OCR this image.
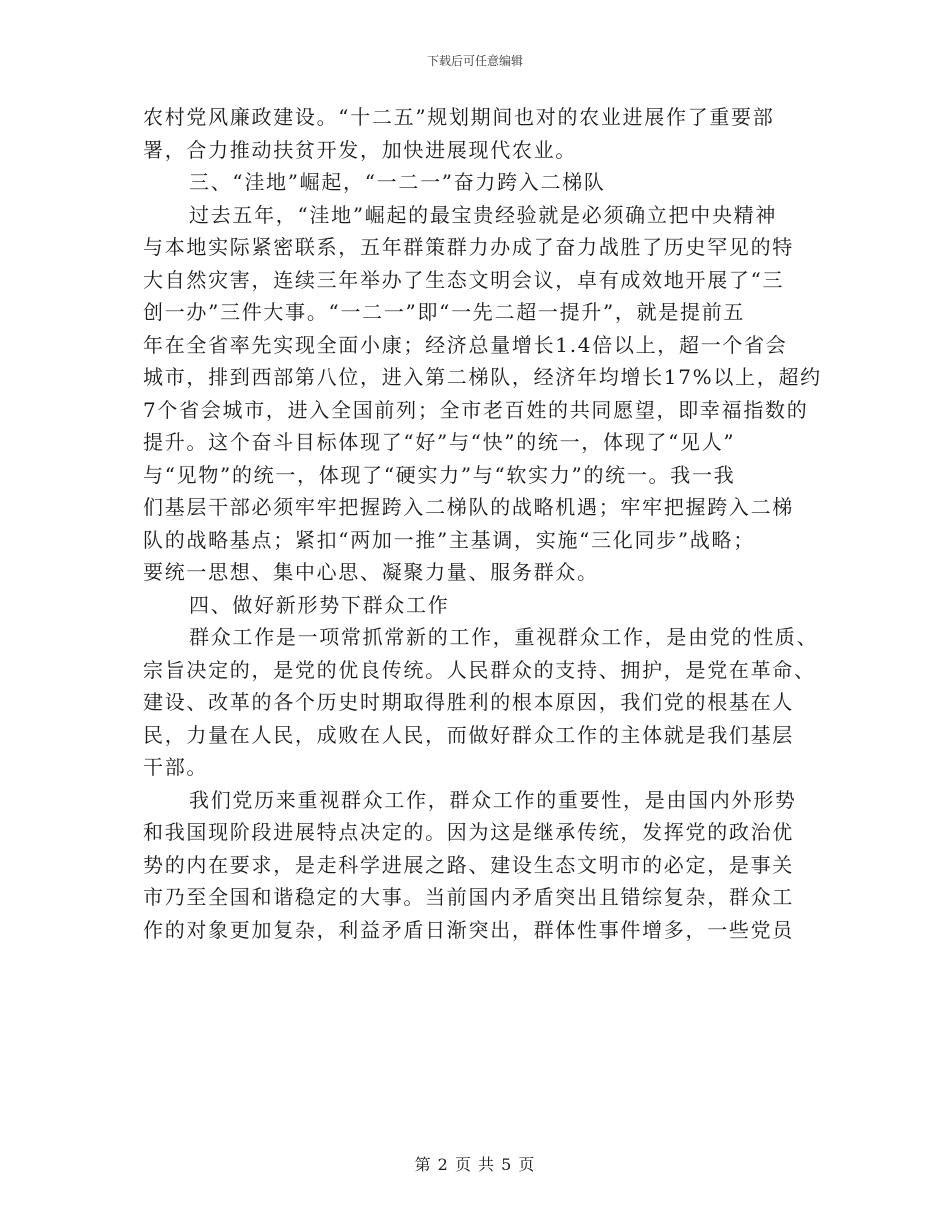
下载后可任意编辑
农村党风廉政建设。“十二五”规划期间也对的农业进展作了重要部
署，合力推动扶贫开发，加快进展现代农业。
三、“洼地”崛起，“一二一”奋力跨入二梯队
过去五年，“洼地”崛起的最宝贵经验就是必须确立把中央精神
与本地实际紧密联系，五年群策群力办成了奋力战胜了历史罕见的特
大自然灾害，连续三年举办了生态文明会议，卓有成效地开展了“三
创一办”三件大事。“一二一”即“一先二超一提升”，就是提前五
年在全省率先实现全面小康；经济总量增长1.4倍以上，超一个省会
城市，排到西部第八位，进入第二梯队，经济年均增长17%以上，超约
7个省会城市，进入全国前列；全市老百姓的共同愿望，即幸福指数的
提升。这个奋斗目标体现了“好”与“快”的统一，体现了“见人”
与“见物”的统一，体现了“硬实力”与“软实力”的统一。我一我
们基层干部必须牢牢把握跨入二梯队的战略机遇；牢牢把握跨入二梯
队的战略基点；紧扣“两加一推”主基调，实施“三化同步”战略；
要统一思想、集中心思、凝聚力量、服务群众。
四、做好新形势下群众工作
群众工作是一项常抓常新的工作，重视群众工作，是由党的性质、
宗旨决定的，是党的优良传统。人民群众的支持、拥护，是党在革命、
建设、改革的各个历史时期取得胜利的根本原因，我们党的根基在人
民，力量在人民，成败在人民，而做好群众工作的主体就是我们基层
干部。
我们党历来重视群众工作，群众工作的重要性，是由国内外形势
和我国现阶段进展特点决定的。因为这是继承传统，发挥党的政治优
势的内在要求，是走科学进展之路、建设生态文明市的必定，是事关
市乃至全国和谐稳定的大事。当前国内矛盾突出且错综复杂，群众工
作的对象更加复杂，利益矛盾日渐突出，群体性事件增多，一些党员
第 2 页 共 5 页
